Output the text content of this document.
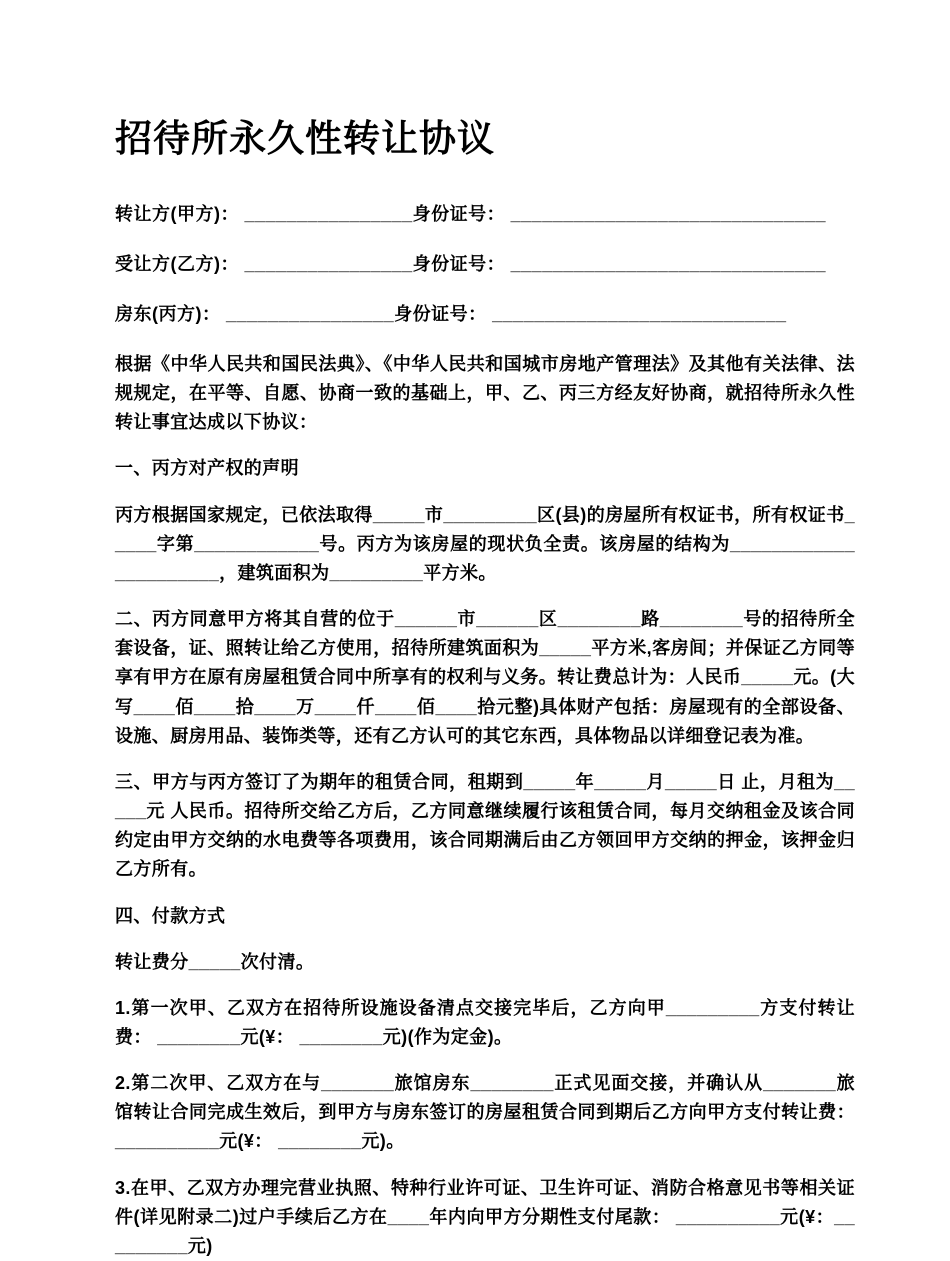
招待所永久性转让协议
转让方(甲方)： ________________身份证号： ______________________________
受让方(乙方)： ________________身份证号： ______________________________
房东(丙方)： ________________身份证号： ____________________________

根据《中华人民共和国民法典》、《中华人民共和国城市房地产管理法》及其他有关法律、法规规定，在平等、自愿、协商一致的基础上，甲、乙、丙三方经友好协商，就招待所永久性转让事宜达成以下协议：

一、丙方对产权的声明

丙方根据国家规定，已依法取得_____市_________区(县)的房屋所有权证书，所有权证书_____字第____________号。丙方为该房屋的现状负全责。该房屋的结构为______________________，建筑面积为_________平方米。

二、丙方同意甲方将其自营的位于______市______区________路________号的招待所全套设备，证、照转让给乙方使用，招待所建筑面积为_____平方米,客房间；并保证乙方同等享有甲方在原有房屋租赁合同中所享有的权利与义务。转让费总计为：人民币_____元。(大写____佰____拾____万____仟____佰____拾元整)具体财产包括：房屋现有的全部设备、设施、厨房用品、装饰类等，还有乙方认可的其它东西，具体物品以详细登记表为准。

三、甲方与丙方签订了为期年的租赁合同，租期到_____年_____月_____日 止，月租为_____元 人民币。招待所交给乙方后，乙方同意继续履行该租赁合同，每月交纳租金及该合同约定由甲方交纳的水电费等各项费用，该合同期满后由乙方领回甲方交纳的押金，该押金归乙方所有。

四、付款方式

转让费分_____次付清。

1.第一次甲、乙双方在招待所设施设备清点交接完毕后，乙方向甲_________方支付转让费： ________元(¥： ________元)(作为定金)。

2.第二次甲、乙双方在与_______旅馆房东________正式见面交接，并确认从_______旅馆转让合同完成生效后，到甲方与房东签订的房屋租赁合同到期后乙方向甲方支付转让费：__________元(¥： ________元)。

3.在甲、乙双方办理完营业执照、特种行业许可证、卫生许可证、消防合格意见书等相关证件(详见附录二)过户手续后乙方在____年内向甲方分期性支付尾款： __________元(¥：_________元)
